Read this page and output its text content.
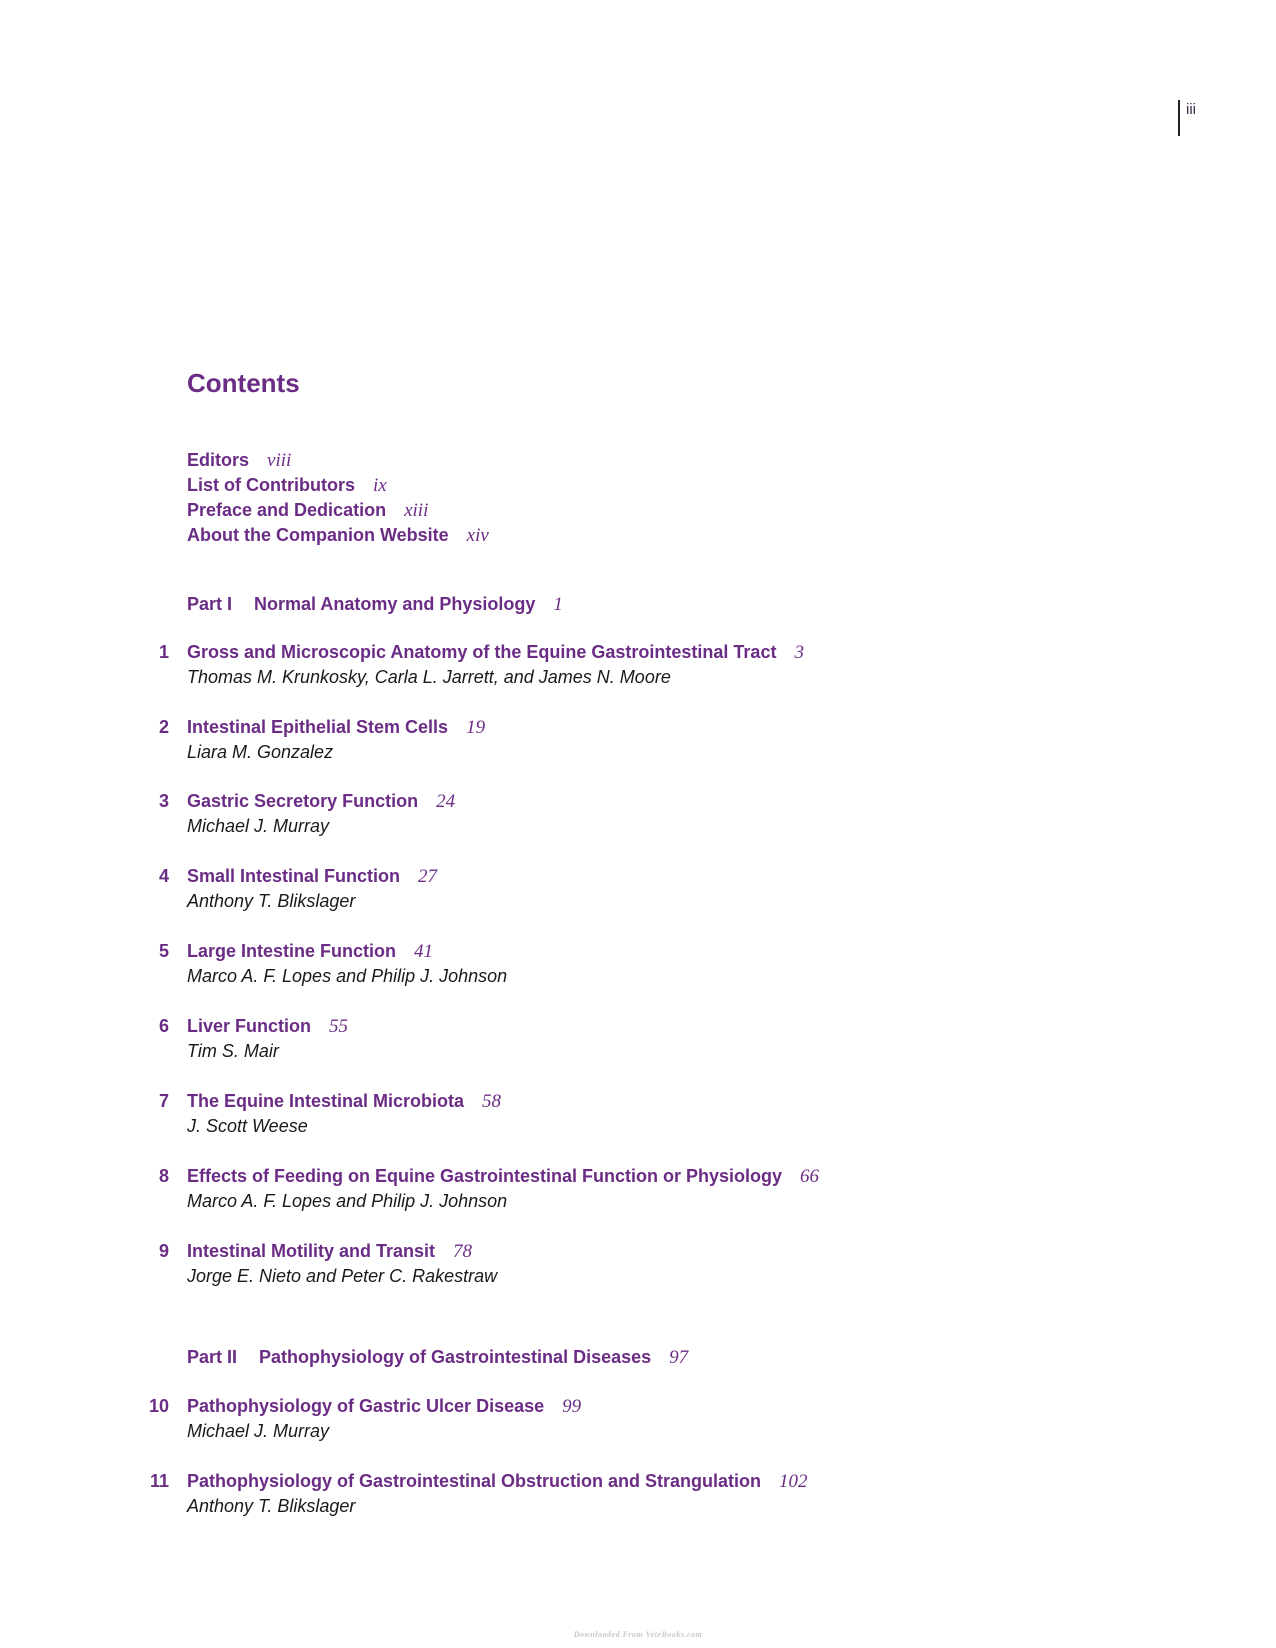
iii
Contents
Editors viii
List of Contributors ix
Preface and Dedication xiii
About the Companion Website xiv
Part I Normal Anatomy and Physiology 1
1 Gross and Microscopic Anatomy of the Equine Gastrointestinal Tract 3
Thomas M. Krunkosky, Carla L. Jarrett, and James N. Moore
2 Intestinal Epithelial Stem Cells 19
Liara M. Gonzalez
3 Gastric Secretory Function 24
Michael J. Murray
4 Small Intestinal Function 27
Anthony T. Blikslager
5 Large Intestine Function 41
Marco A. F. Lopes and Philip J. Johnson
6 Liver Function 55
Tim S. Mair
7 The Equine Intestinal Microbiota 58
J. Scott Weese
8 Effects of Feeding on Equine Gastrointestinal Function or Physiology 66
Marco A. F. Lopes and Philip J. Johnson
9 Intestinal Motility and Transit 78
Jorge E. Nieto and Peter C. Rakestraw
Part II Pathophysiology of Gastrointestinal Diseases 97
10 Pathophysiology of Gastric Ulcer Disease 99
Michael J. Murray
11 Pathophysiology of Gastrointestinal Obstruction and Strangulation 102
Anthony T. Blikslager
Downloaded From VeteBooks.com
